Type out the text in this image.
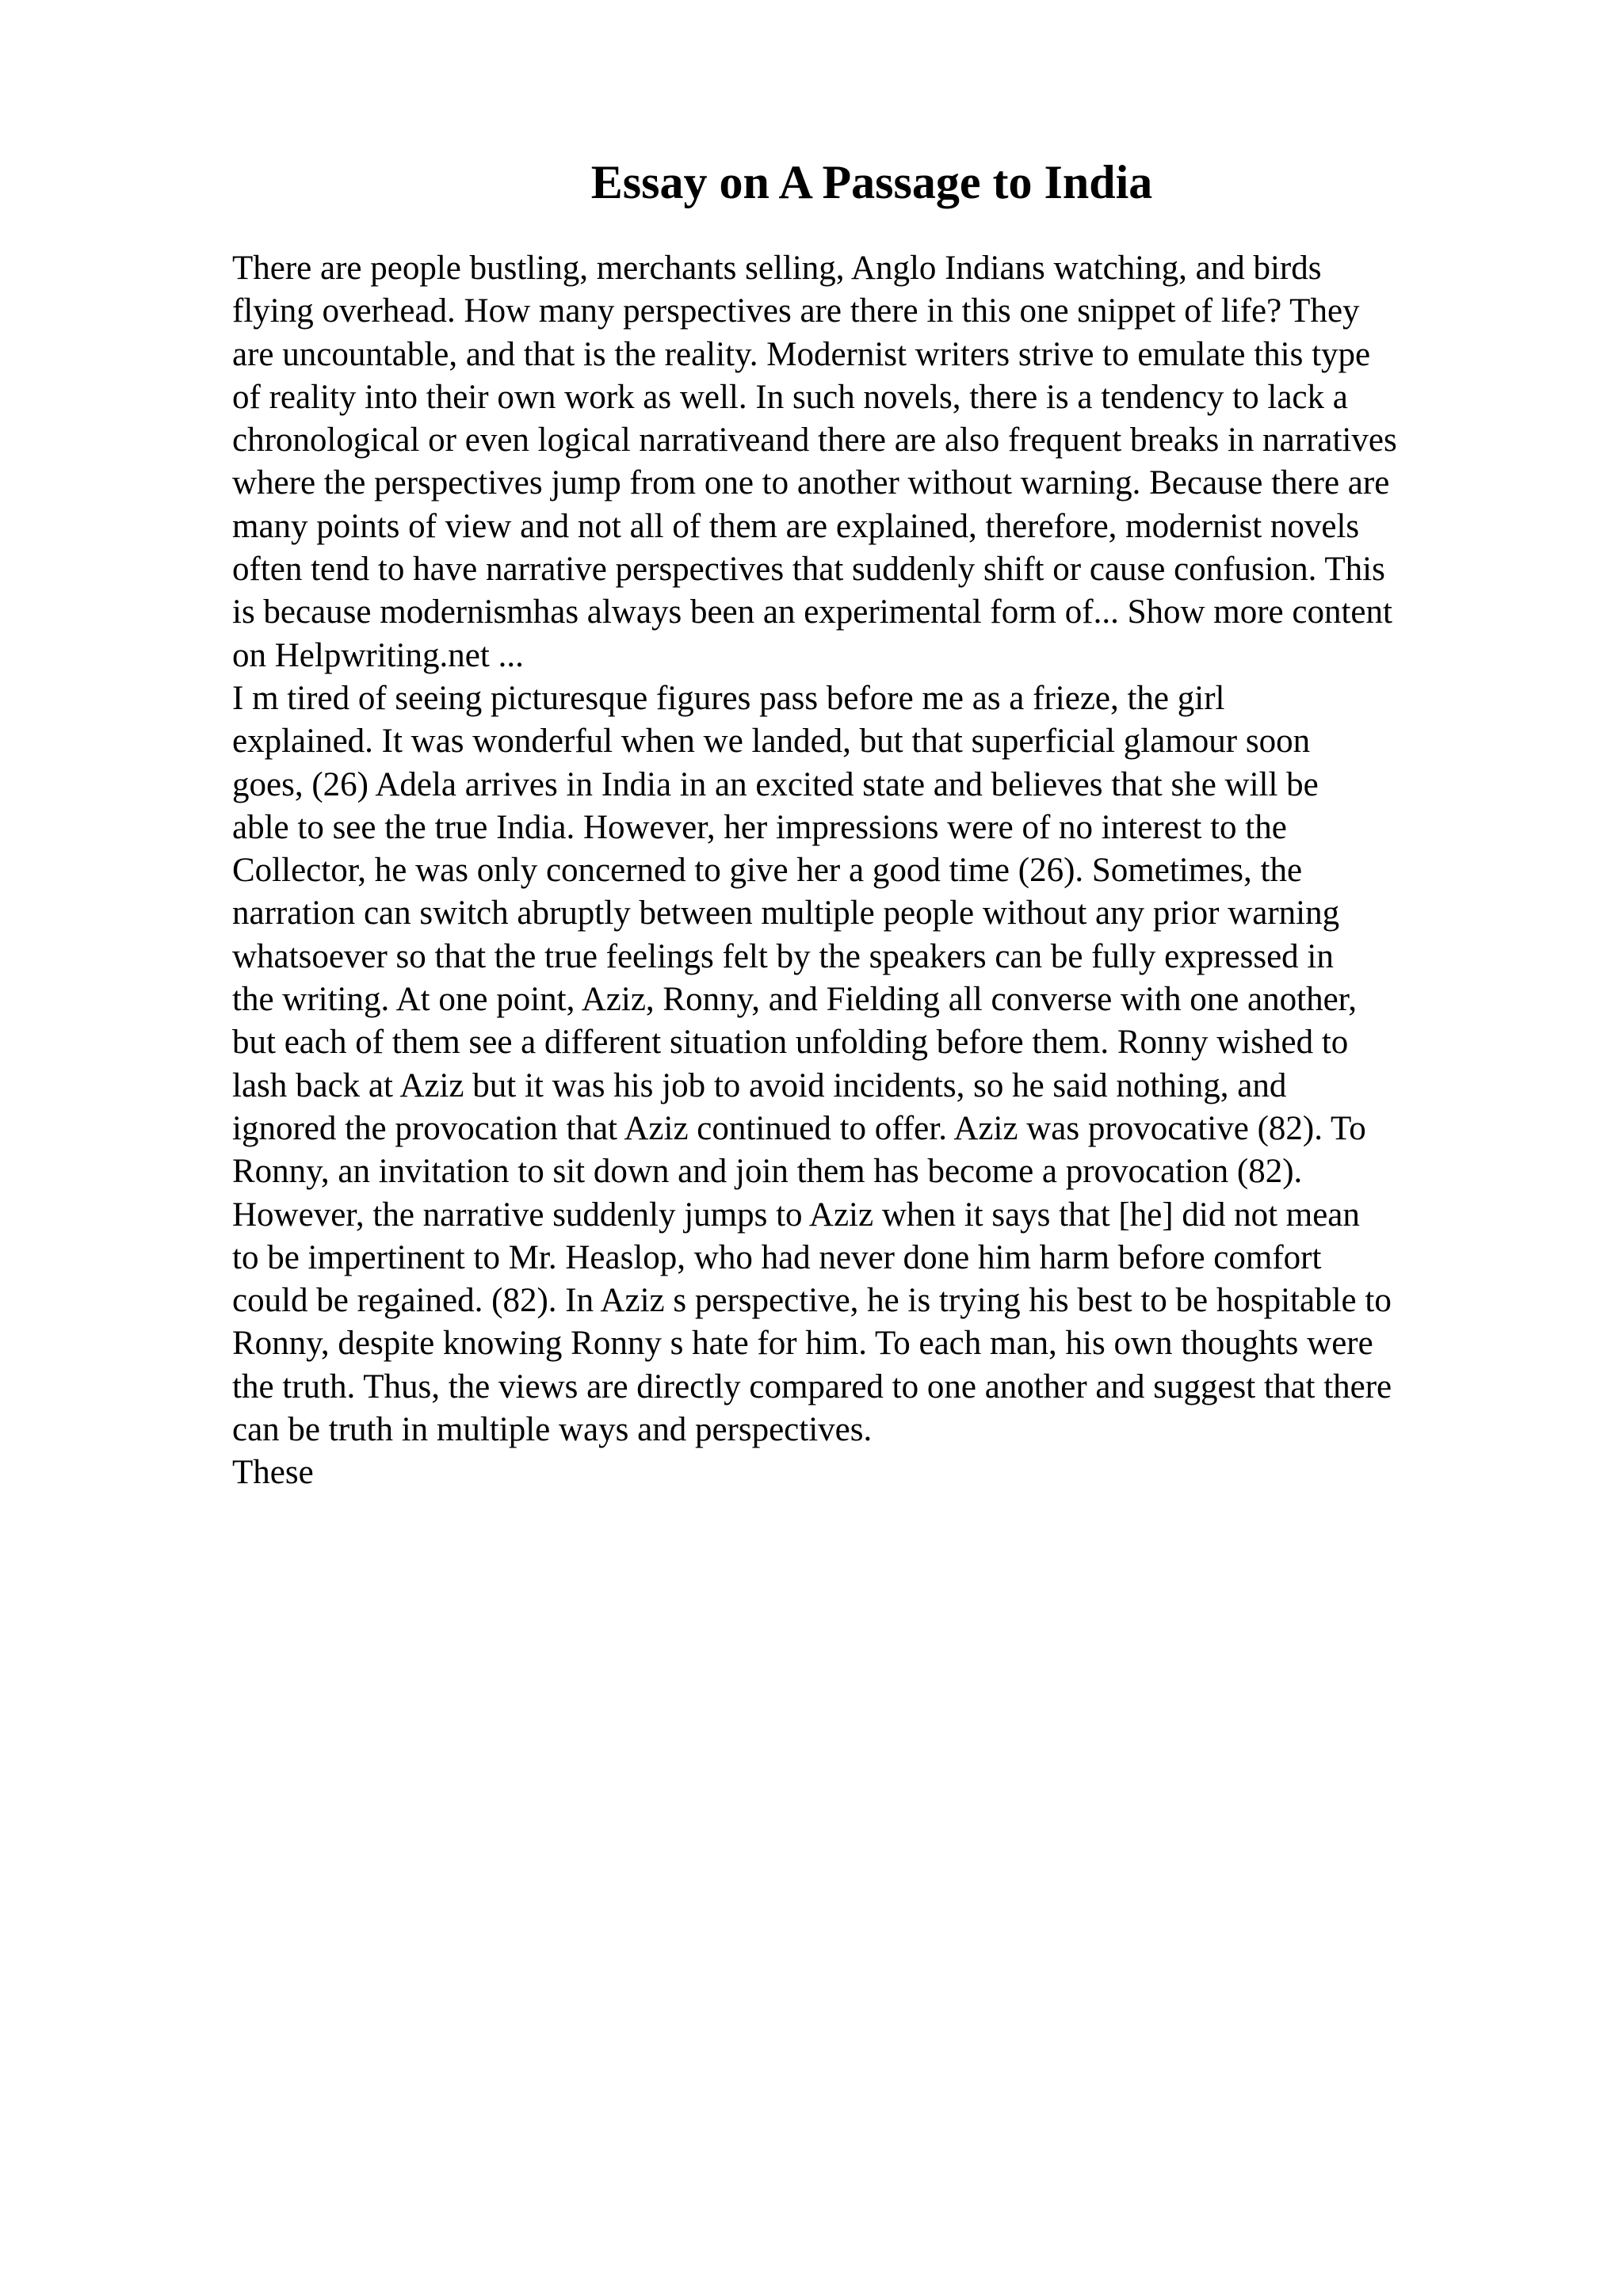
Essay on A Passage to India
There are people bustling, merchants selling, Anglo Indians watching, and birds
flying overhead. How many perspectives are there in this one snippet of life? They
are uncountable, and that is the reality. Modernist writers strive to emulate this type
of reality into their own work as well. In such novels, there is a tendency to lack a
chronological or even logical narrativeand there are also frequent breaks in narratives
where the perspectives jump from one to another without warning. Because there are
many points of view and not all of them are explained, therefore, modernist novels
often tend to have narrative perspectives that suddenly shift or cause confusion. This
is because modernismhas always been an experimental form of... Show more content
on Helpwriting.net ...
I m tired of seeing picturesque figures pass before me as a frieze, the girl
explained. It was wonderful when we landed, but that superficial glamour soon
goes, (26) Adela arrives in India in an excited state and believes that she will be
able to see the true India. However, her impressions were of no interest to the
Collector, he was only concerned to give her a good time (26). Sometimes, the
narration can switch abruptly between multiple people without any prior warning
whatsoever so that the true feelings felt by the speakers can be fully expressed in
the writing. At one point, Aziz, Ronny, and Fielding all converse with one another,
but each of them see a different situation unfolding before them. Ronny wished to
lash back at Aziz but it was his job to avoid incidents, so he said nothing, and
ignored the provocation that Aziz continued to offer. Aziz was provocative (82). To
Ronny, an invitation to sit down and join them has become a provocation (82).
However, the narrative suddenly jumps to Aziz when it says that [he] did not mean
to be impertinent to Mr. Heaslop, who had never done him harm before comfort
could be regained. (82). In Aziz s perspective, he is trying his best to be hospitable to
Ronny, despite knowing Ronny s hate for him. To each man, his own thoughts were
the truth. Thus, the views are directly compared to one another and suggest that there
can be truth in multiple ways and perspectives.
These
